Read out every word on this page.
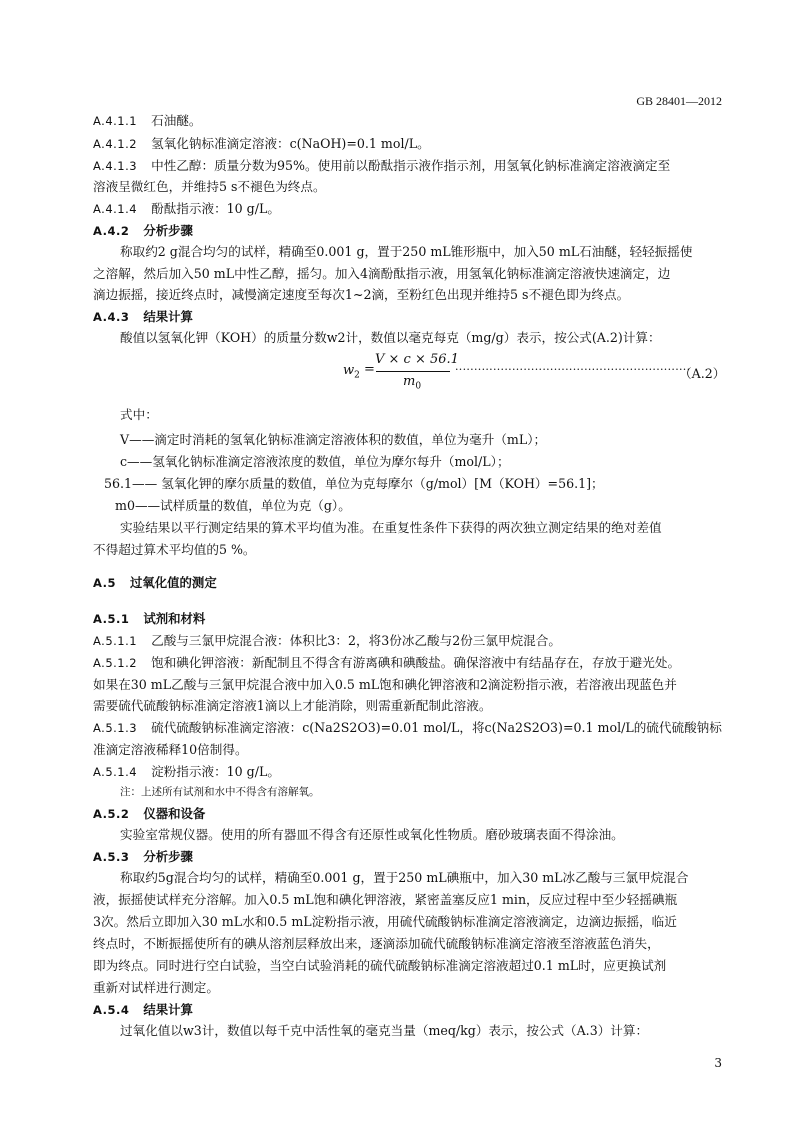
GB 28401—2012
A.4.1.1 石油醚。
A.4.1.2 氢氧化钠标准滴定溶液：c(NaOH)=0.1 mol/L。
A.4.1.3 中性乙醇：质量分数为95%。使用前以酚酞指示液作指示剂，用氢氧化钠标准滴定溶液滴定至
溶液呈微红色，并维持5 s不褪色为终点。
A.4.1.4 酚酞指示液：10 g/L。
A.4.2 分析步骤
称取约2 g混合均匀的试样，精确至0.001 g，置于250 mL锥形瓶中，加入50 mL石油醚，轻轻振摇使
之溶解，然后加入50 mL中性乙醇，摇匀。加入4滴酚酞指示液，用氢氧化钠标准滴定溶液快速滴定，边
滴边振摇，接近终点时，减慢滴定速度至每次1~2滴，至粉红色出现并维持5 s不褪色即为终点。
A.4.3 结果计算
酸值以氢氧化钾（KOH）的质量分数w2计，数值以毫克每克（mg/g）表示，按公式(A.2)计算：
$w_2$ =
V × c × 56.1
$m_0$
······························································
（A.2）
式中：
V——滴定时消耗的氢氧化钠标准滴定溶液体积的数值，单位为毫升（mL）；
c——氢氧化钠标准滴定溶液浓度的数值，单位为摩尔每升（mol/L）；
56.1—— 氢氧化钾的摩尔质量的数值，单位为克每摩尔（g/mol）[M（KOH）=56.1]；
m0——试样质量的数值，单位为克（g）。
实验结果以平行测定结果的算术平均值为准。在重复性条件下获得的两次独立测定结果的绝对差值
不得超过算术平均值的5 %。
A.5 过氧化值的测定
A.5.1 试剂和材料
A.5.1.1 乙酸与三氯甲烷混合液：体积比3：2，将3份冰乙酸与2份三氯甲烷混合。
A.5.1.2 饱和碘化钾溶液：新配制且不得含有游离碘和碘酸盐。确保溶液中有结晶存在，存放于避光处。
如果在30 mL乙酸与三氯甲烷混合液中加入0.5 mL饱和碘化钾溶液和2滴淀粉指示液，若溶液出现蓝色并
需要硫代硫酸钠标准滴定溶液1滴以上才能消除，则需重新配制此溶液。
A.5.1.3 硫代硫酸钠标准滴定溶液：c(Na2S2O3)=0.01 mol/L，将c(Na2S2O3)=0.1 mol/L的硫代硫酸钠标
准滴定溶液稀释10倍制得。
A.5.1.4 淀粉指示液：10 g/L。
注：上述所有试剂和水中不得含有溶解氧。
A.5.2 仪器和设备
实验室常规仪器。使用的所有器皿不得含有还原性或氧化性物质。磨砂玻璃表面不得涂油。
A.5.3 分析步骤
称取约5g混合均匀的试样，精确至0.001 g，置于250 mL碘瓶中，加入30 mL冰乙酸与三氯甲烷混合
液，振摇使试样充分溶解。加入0.5 mL饱和碘化钾溶液，紧密盖塞反应1 min，反应过程中至少轻摇碘瓶
3次。然后立即加入30 mL水和0.5 mL淀粉指示液，用硫代硫酸钠标准滴定溶液滴定，边滴边振摇，临近
终点时，不断振摇使所有的碘从溶剂层释放出来，逐滴添加硫代硫酸钠标准滴定溶液至溶液蓝色消失，
即为终点。同时进行空白试验，当空白试验消耗的硫代硫酸钠标准滴定溶液超过0.1 mL时，应更换试剂
重新对试样进行测定。
A.5.4 结果计算
过氧化值以w3计，数值以每千克中活性氧的毫克当量（meq/kg）表示，按公式（A.3）计算：
3
